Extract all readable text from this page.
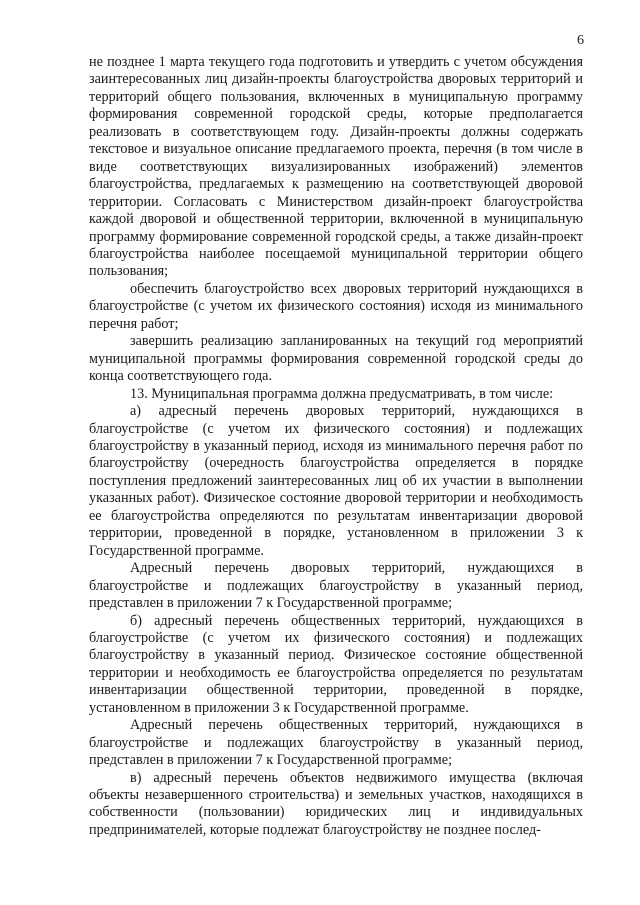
6

не позднее 1 марта текущего года подготовить и утвердить с учетом обсуждения заинтересованных лиц дизайн-проекты благоустройства дворовых территорий и территорий общего пользования, включенных в муниципальную программу формирования современной городской среды, которые предполагается реализовать в соответствующем году. Дизайн-проекты должны содержать текстовое и визуальное описание предлагаемого проекта, перечня (в том числе в виде соответствующих визуализированных изображений) элементов благоустройства, предлагаемых к размещению на соответствующей дворовой территории. Согласовать с Министерством дизайн-проект благоустройства каждой дворовой и общественной территории, включенной в муниципальную программу формирование современной городской среды, а также дизайн-проект благоустройства наиболее посещаемой муниципальной территории общего пользования;

обеспечить благоустройство всех дворовых территорий нуждающихся в благоустройстве (с учетом их физического состояния) исходя из минимального перечня работ;

завершить реализацию запланированных на текущий год мероприятий муниципальной программы формирования современной городской среды до конца соответствующего года.

13. Муниципальная программа должна предусматривать, в том числе:

а) адресный перечень дворовых территорий, нуждающихся в благоустройстве (с учетом их физического состояния) и подлежащих благоустройству в указанный период, исходя из минимального перечня работ по благоустройству (очередность благоустройства определяется в порядке поступления предложений заинтересованных лиц об их участии в выполнении указанных работ). Физическое состояние дворовой территории и необходимость ее благоустройства определяются по результатам инвентаризации дворовой территории, проведенной в порядке, установленном в приложении 3 к Государственной программе.

Адресный перечень дворовых территорий, нуждающихся в благоустройстве и подлежащих благоустройству в указанный период, представлен в приложении 7 к Государственной программе;

б) адресный перечень общественных территорий, нуждающихся в благоустройстве (с учетом их физического состояния) и подлежащих благоустройству в указанный период. Физическое состояние общественной территории и необходимость ее благоустройства определяется по результатам инвентаризации общественной территории, проведенной в порядке, установленном в приложении 3 к Государственной программе.

Адресный перечень общественных территорий, нуждающихся в благоустройстве и подлежащих благоустройству в указанный период, представлен в приложении 7 к Государственной программе;

в) адресный перечень объектов недвижимого имущества (включая объекты незавершенного строительства) и земельных участков, находящихся в собственности (пользовании) юридических лиц и индивидуальных предпринимателей, которые подлежат благоустройству не позднее послед-
